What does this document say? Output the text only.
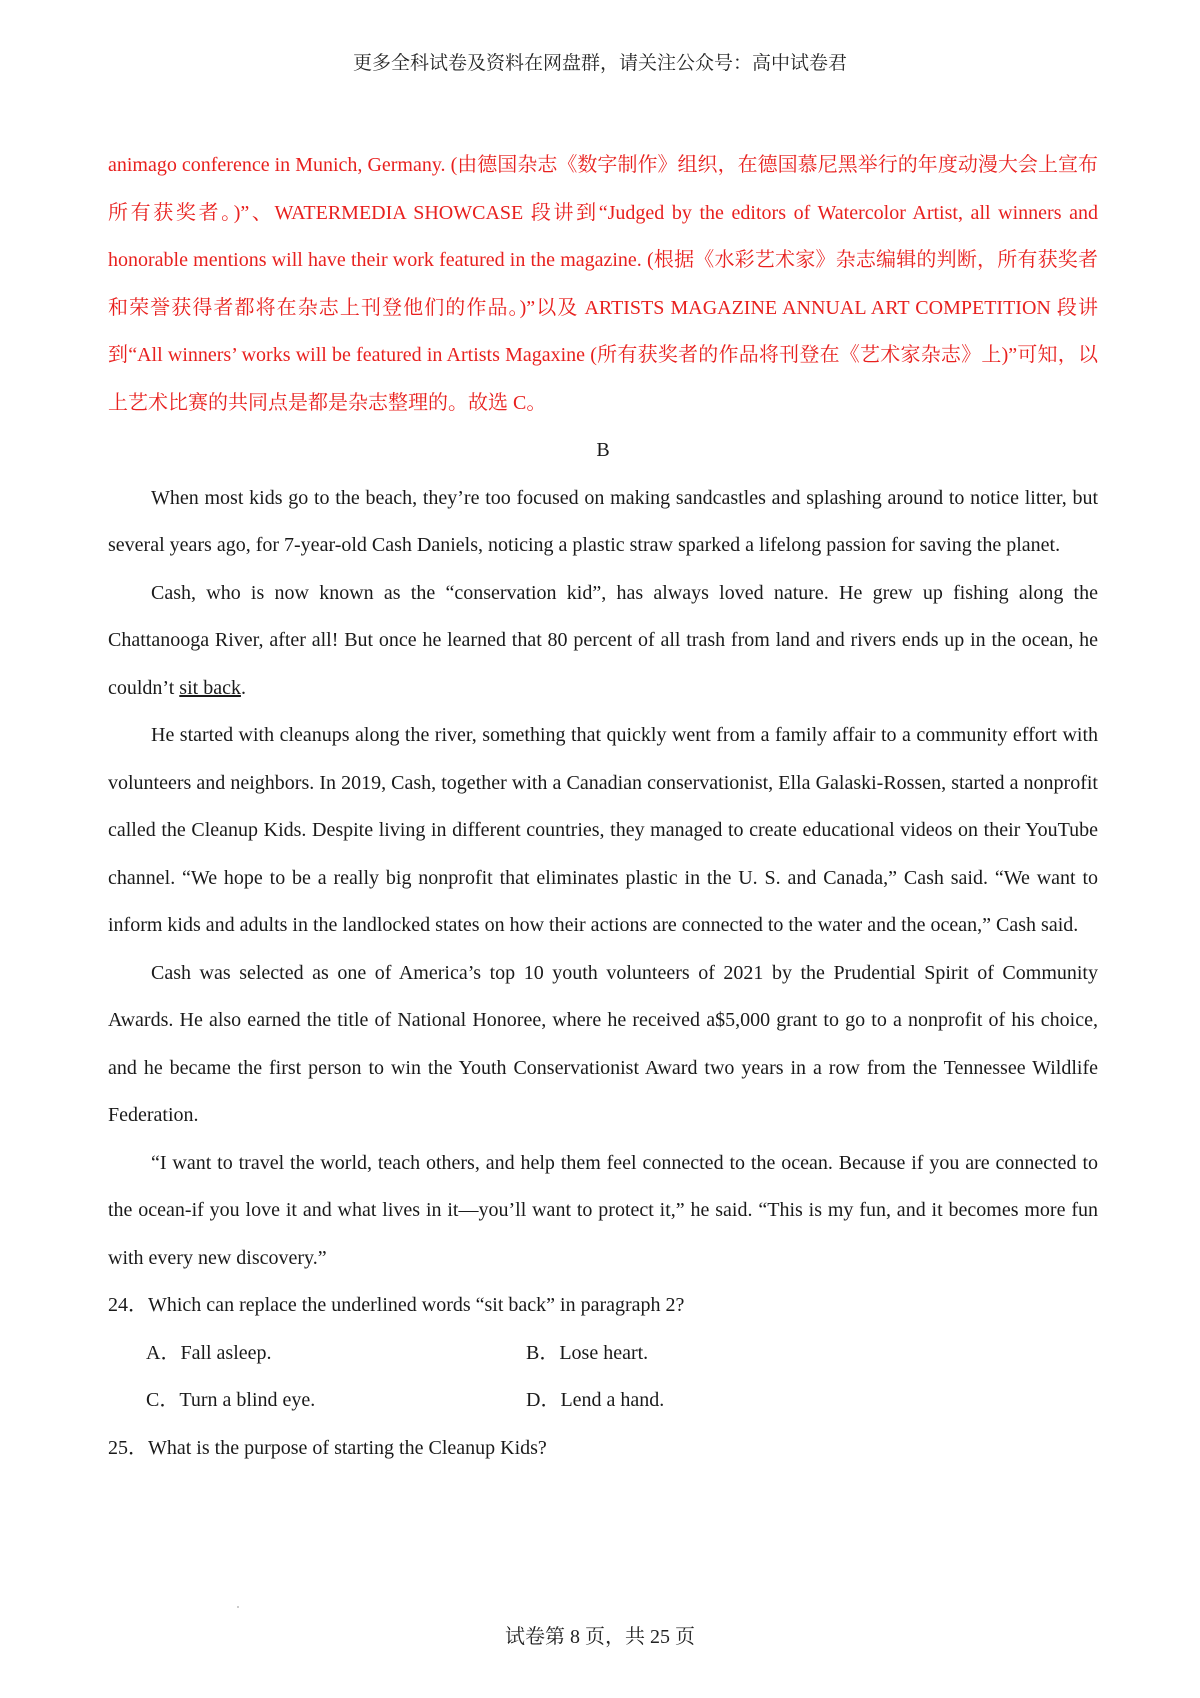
更多全科试卷及资料在网盘群，请关注公众号：高中试卷君
animago conference in Munich, Germany. (由德国杂志《数字制作》组织，在德国慕尼黑举行的年度动漫大会上宣布所有获奖者。)”、WATERMEDIA SHOWCASE 段讲到“Judged by the editors of Watercolor Artist, all winners and honorable mentions will have their work featured in the magazine. (根据《水彩艺术家》杂志编辑的判断，所有获奖者和荣誉获得者都将在杂志上刊登他们的作品。)”以及 ARTISTS MAGAZINE ANNUAL ART COMPETITION 段讲到“All winners’ works will be featured in Artists Magaxine (所有获奖者的作品将刊登在《艺术家杂志》上)”可知，以上艺术比赛的共同点是都是杂志整理的。故选 C。

B

When most kids go to the beach, they’re too focused on making sandcastles and splashing around to notice litter, but several years ago, for 7-year-old Cash Daniels, noticing a plastic straw sparked a lifelong passion for saving the planet.

Cash, who is now known as the “conservation kid”, has always loved nature. He grew up fishing along the Chattanooga River, after all! But once he learned that 80 percent of all trash from land and rivers ends up in the ocean, he couldn’t sit back.

He started with cleanups along the river, something that quickly went from a family affair to a community effort with volunteers and neighbors. In 2019, Cash, together with a Canadian conservationist, Ella Galaski-Rossen, started a nonprofit called the Cleanup Kids. Despite living in different countries, they managed to create educational videos on their YouTube channel. “We hope to be a really big nonprofit that eliminates plastic in the U. S. and Canada,” Cash said. “We want to inform kids and adults in the landlocked states on how their actions are connected to the water and the ocean,” Cash said.

Cash was selected as one of America’s top 10 youth volunteers of 2021 by the Prudential Spirit of Community Awards. He also earned the title of National Honoree, where he received a$5,000 grant to go to a nonprofit of his choice, and he became the first person to win the Youth Conservationist Award two years in a row from the Tennessee Wildlife Federation.

“I want to travel the world, teach others, and help them feel connected to the ocean. Because if you are connected to the ocean-if you love it and what lives in it—you’ll want to protect it,” he said. “This is my fun, and it becomes more fun with every new discovery.”

24．Which can replace the underlined words “sit back” in paragraph 2?

A．Fall asleep.	B．Lose heart.

C．Turn a blind eye.	D．Lend a hand.

25．What is the purpose of starting the Cleanup Kids?

试卷第 8 页，共 25 页
